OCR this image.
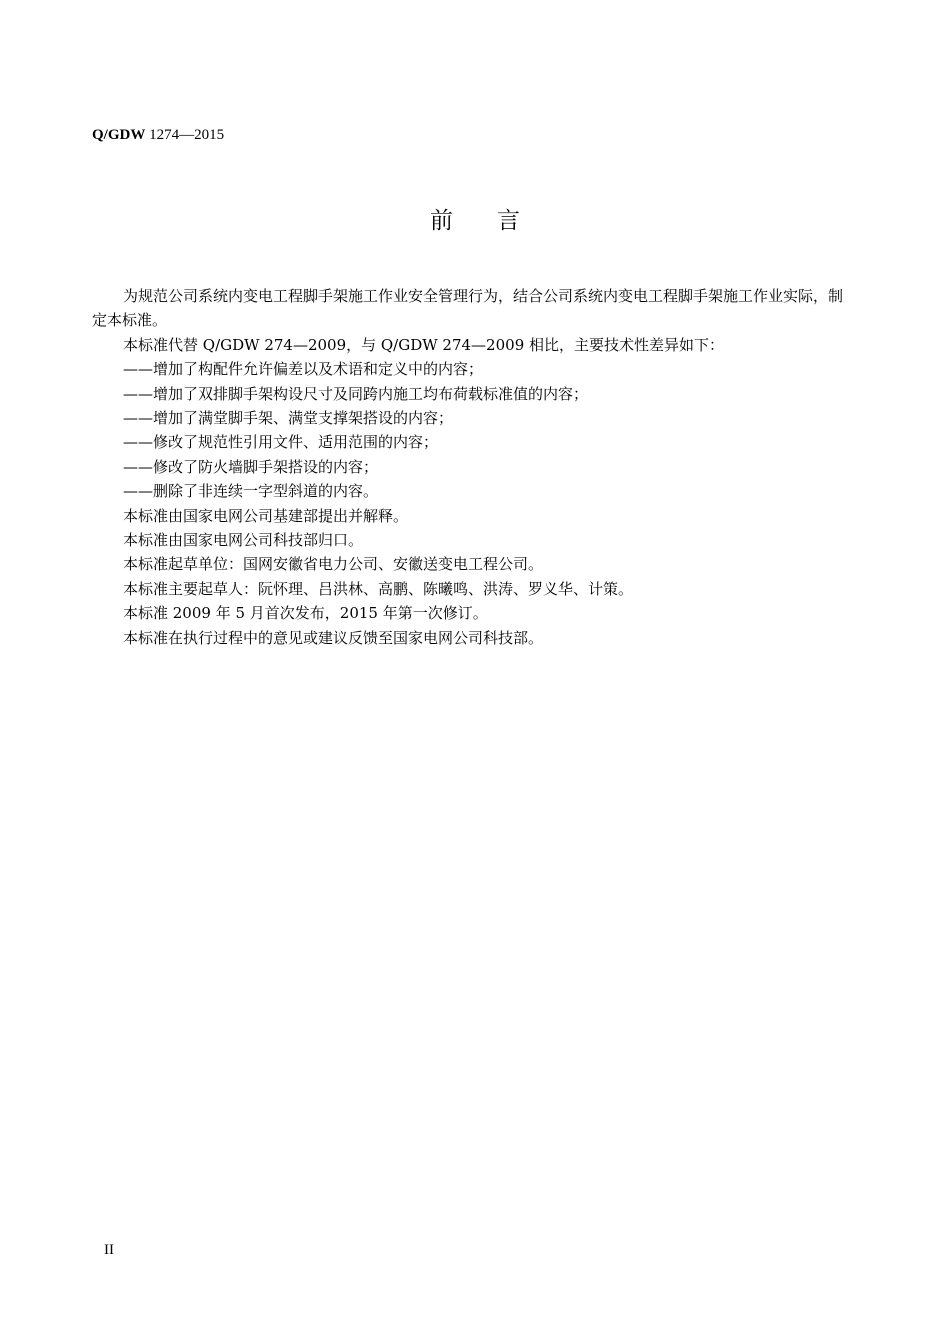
Q/GDW 1274—2015
前言

为规范公司系统内变电工程脚手架施工作业安全管理行为，结合公司系统内变电工程脚手架施工作业实际，制定本标准。

本标准代替 Q/GDW 274—2009，与 Q/GDW 274—2009 相比，主要技术性差异如下：

——增加了构配件允许偏差以及术语和定义中的内容；

——增加了双排脚手架构设尺寸及同跨内施工均布荷载标准值的内容；

——增加了满堂脚手架、满堂支撑架搭设的内容；

——修改了规范性引用文件、适用范围的内容；

——修改了防火墙脚手架搭设的内容；

——删除了非连续一字型斜道的内容。

本标准由国家电网公司基建部提出并解释。

本标准由国家电网公司科技部归口。

本标准起草单位：国网安徽省电力公司、安徽送变电工程公司。

本标准主要起草人：阮怀理、吕洪林、高鹏、陈曦鸣、洪涛、罗义华、计策。

本标准 2009 年 5 月首次发布，2015 年第一次修订。

本标准在执行过程中的意见或建议反馈至国家电网公司科技部。

II
